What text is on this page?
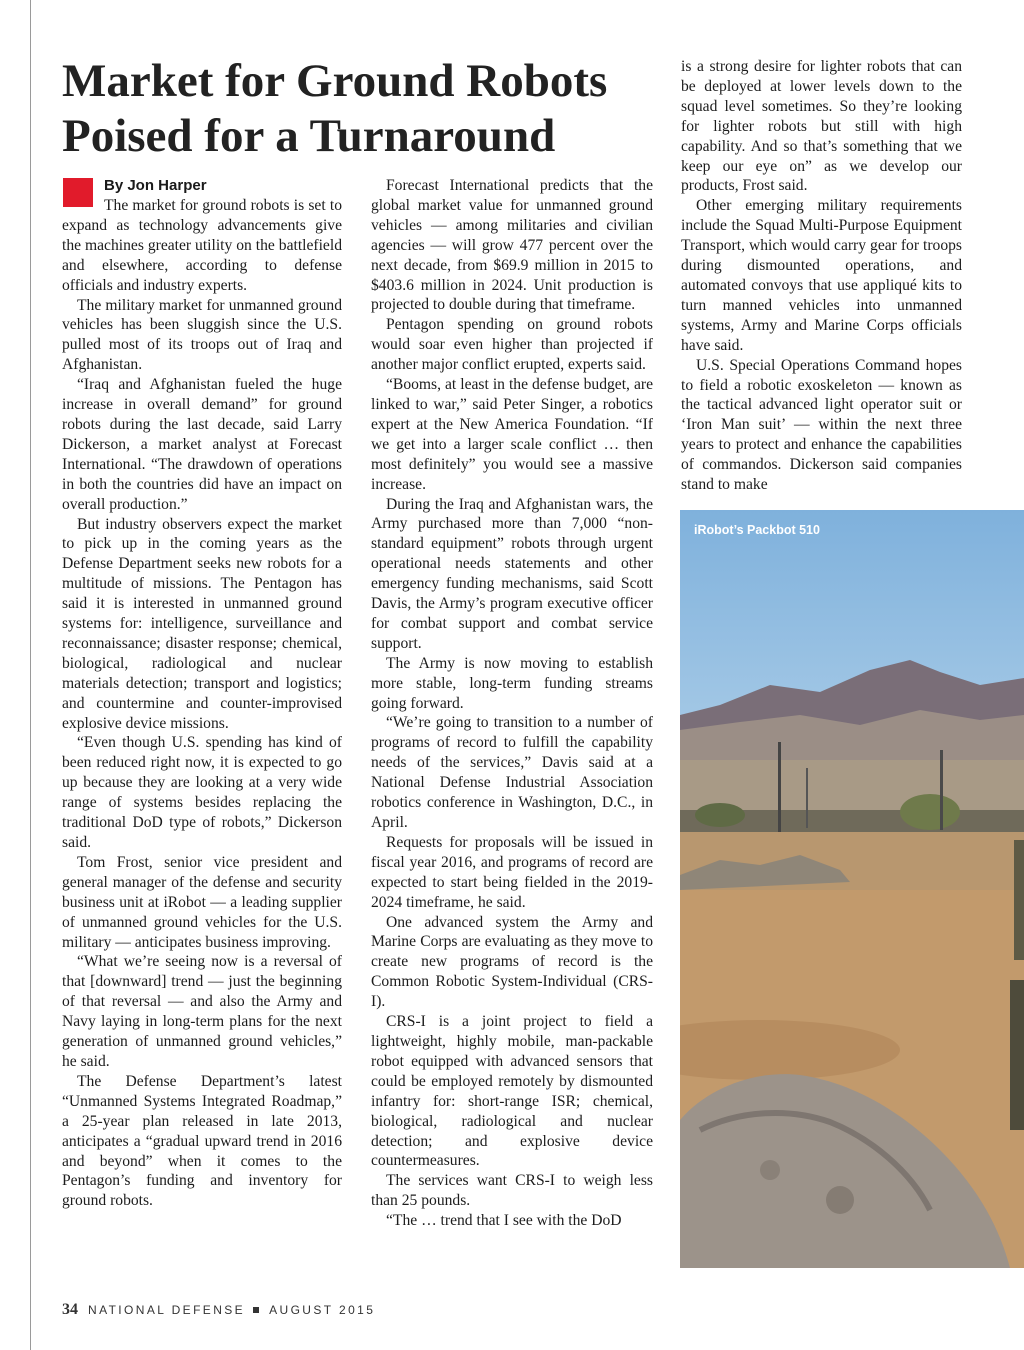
Market for Ground Robots Poised for a Turnaround
By Jon Harper

The market for ground robots is set to expand as technology advancements give the machines greater utility on the battlefield and elsewhere, according to defense officials and industry experts.

The military market for unmanned ground vehicles has been sluggish since the U.S. pulled most of its troops out of Iraq and Afghanistan.

“Iraq and Afghanistan fueled the huge increase in overall demand” for ground robots during the last decade, said Larry Dickerson, a market analyst at Forecast International. “The drawdown of operations in both the countries did have an impact on overall production.”

But industry observers expect the market to pick up in the coming years as the Defense Department seeks new robots for a multitude of missions. The Pentagon has said it is interested in unmanned ground systems for: intelligence, surveillance and reconnaissance; disaster response; chemical, biological, radiological and nuclear materials detection; transport and logistics; and countermine and counter-improvised explosive device missions.

“Even though U.S. spending has kind of been reduced right now, it is expected to go up because they are looking at a very wide range of systems besides replacing the traditional DoD type of robots,” Dickerson said.

Tom Frost, senior vice president and general manager of the defense and security business unit at iRobot — a leading supplier of unmanned ground vehicles for the U.S. military — anticipates business improving.

“What we’re seeing now is a reversal of that [downward] trend — just the beginning of that reversal — and also the Army and Navy laying in long-term plans for the next generation of unmanned ground vehicles,” he said.

The Defense Department’s latest “Unmanned Systems Integrated Roadmap,” a 25-year plan released in late 2013, anticipates a “gradual upward trend in 2016 and beyond” when it comes to the Pentagon’s funding and inventory for ground robots.

Forecast International predicts that the global market value for unmanned ground vehicles — among militaries and civilian agencies — will grow 477 percent over the next decade, from $69.9 million in 2015 to $403.6 million in 2024. Unit production is projected to double during that timeframe.

Pentagon spending on ground robots would soar even higher than projected if another major conflict erupted, experts said.

“Booms, at least in the defense budget, are linked to war,” said Peter Singer, a robotics expert at the New America Foundation. “If we get into a larger scale conflict … then most definitely” you would see a massive increase.

During the Iraq and Afghanistan wars, the Army purchased more than 7,000 “non-standard equipment” robots through urgent operational needs statements and other emergency funding mechanisms, said Scott Davis, the Army’s program executive officer for combat support and combat service support.

The Army is now moving to establish more stable, long-term funding streams going forward.

“We’re going to transition to a number of programs of record to fulfill the capability needs of the services,” Davis said at a National Defense Industrial Association robotics conference in Washington, D.C., in April.

Requests for proposals will be issued in fiscal year 2016, and programs of record are expected to start being fielded in the 2019-2024 timeframe, he said.

One advanced system the Army and Marine Corps are evaluating as they move to create new programs of record is the Common Robotic System-Individual (CRS-I).

CRS-I is a joint project to field a lightweight, highly mobile, man-packable robot equipped with advanced sensors that could be employed remotely by dismounted infantry for: short-range ISR; chemical, biological, radiological and nuclear detection; and explosive device countermeasures.

The services want CRS-I to weigh less than 25 pounds.

“The … trend that I see with the DoD

is a strong desire for lighter robots that can be deployed at lower levels down to the squad level sometimes. So they’re looking for lighter robots but still with high capability. And so that’s something that we keep our eye on” as we develop our products, Frost said.

Other emerging military requirements include the Squad Multi-Purpose Equipment Transport, which would carry gear for troops during dismounted operations, and automated convoys that use appliqué kits to turn manned vehicles into unmanned systems, Army and Marine Corps officials have said.

U.S. Special Operations Command hopes to field a robotic exoskeleton — known as the tactical advanced light operator suit or ‘Iron Man suit’ — within the next three years to protect and enhance the capabilities of commandos. Dickerson said companies stand to make

iRobot’s Packbot 510
34 NATIONAL DEFENSE AUGUST 2015
